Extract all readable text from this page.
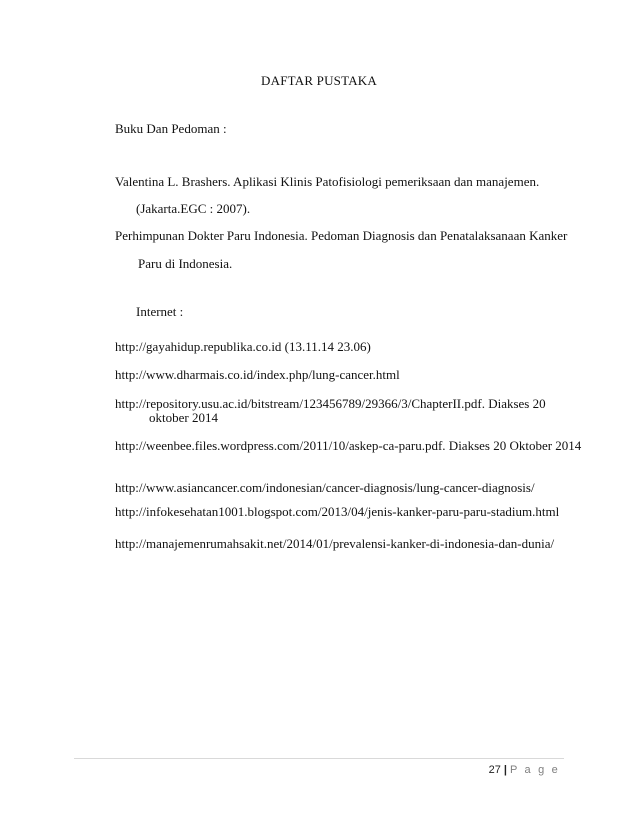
DAFTAR PUSTAKA
Buku Dan Pedoman :
Valentina L. Brashers. Aplikasi Klinis Patofisiologi pemeriksaan dan manajemen.
(Jakarta.EGC : 2007).
Perhimpunan Dokter Paru Indonesia. Pedoman Diagnosis dan Penatalaksanaan Kanker
Paru di Indonesia.
Internet :
http://gayahidup.republika.co.id (13.11.14 23.06)
http://www.dharmais.co.id/index.php/lung-cancer.html
http://repository.usu.ac.id/bitstream/123456789/29366/3/ChapterII.pdf. Diakses 20
oktober 2014
http://weenbee.files.wordpress.com/2011/10/askep-ca-paru.pdf. Diakses 20 Oktober 2014
http://www.asiancancer.com/indonesian/cancer-diagnosis/lung-cancer-diagnosis/
http://infokesehatan1001.blogspot.com/2013/04/jenis-kanker-paru-paru-stadium.html
http://manajemenrumahsakit.net/2014/01/prevalensi-kanker-di-indonesia-dan-dunia/
27 | P a g e
